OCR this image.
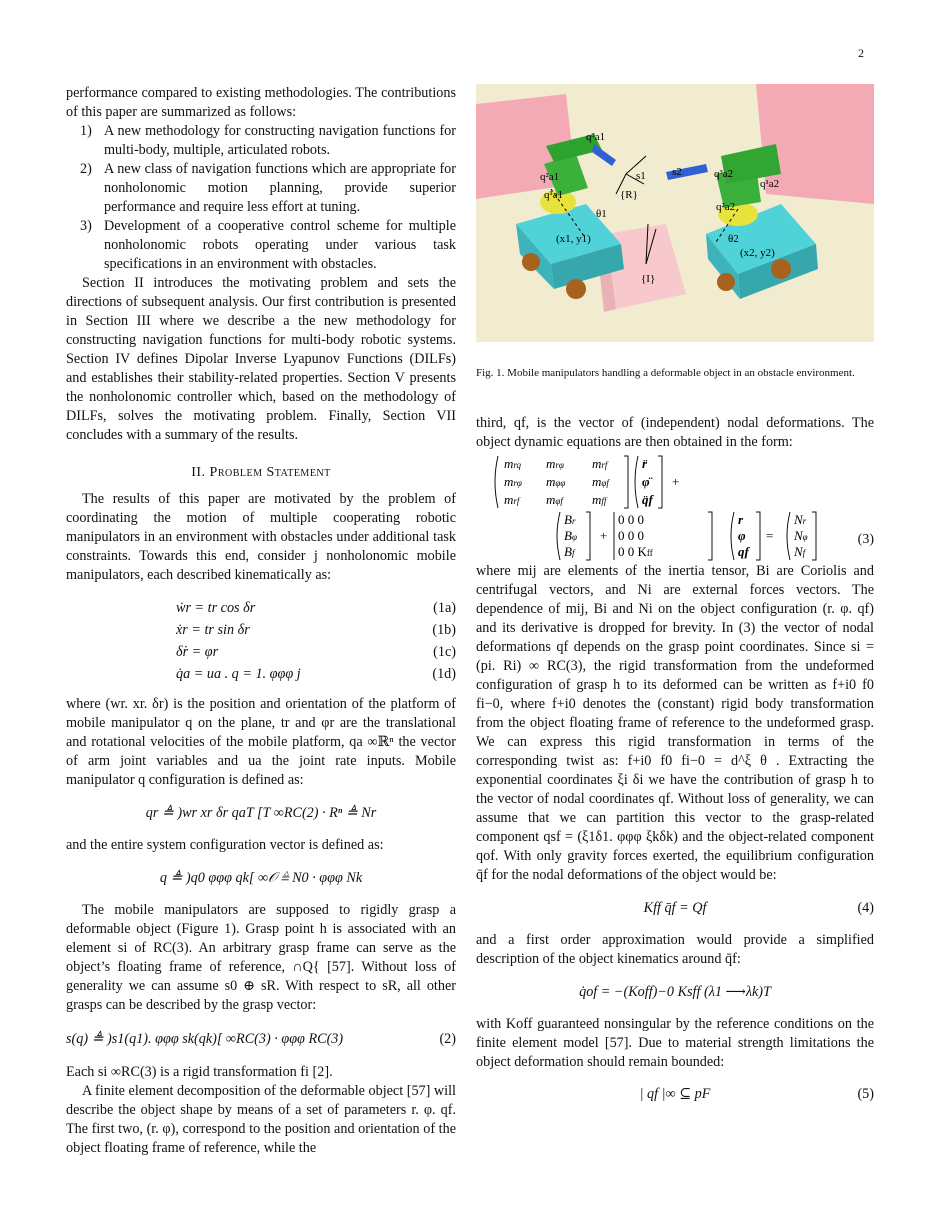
2

performance compared to existing methodologies. The contributions of this paper are summarized as follows:

1) A new methodology for constructing navigation functions for multi-body, multiple, articulated robots.
2) A new class of navigation functions which are appropriate for nonholonomic motion planning, provide superior performance and require less effort at tuning.
3) Development of a cooperative control scheme for multiple nonholonomic robots operating under various task specifications in an environment with obstacles.

Section II introduces the motivating problem and sets the directions of subsequent analysis. Our first contribution is presented in Section III where we describe a the new methodology for constructing navigation functions for multi-body robotic systems. Section IV defines Dipolar Inverse Lyapunov Functions (DILFs) and establishes their stability-related properties. Section V presents the nonholonomic controller which, based on the methodology of DILFs, solves the motivating problem. Finally, Section VII concludes with a summary of the results.

II. Problem Statement

The results of this paper are motivated by the problem of coordinating the motion of multiple cooperating robotic manipulators in an environment with obstacles under additional task constraints. Towards this end, consider j nonholonomic mobile manipulators, each described kinematically as:

ẇr = tr cos δr	(1a)
ẋr = tr sin δr	(1b)
δ̇r = φr	(1c)
q̇a = ua . q = 1. φφφ j	(1d)

where (wr. xr. δr) is the position and orientation of the platform of mobile manipulator q on the plane, tr and φr are the translational and rotational velocities of the mobile platform, qa ∞ℝⁿ the vector of arm joint variables and ua the joint rate inputs. Mobile manipulator q configuration is defined as:

qr ≜ )wr xr δr qaT [T ∞RC(2) · Rⁿ ≜ Nr

and the entire system configuration vector is defined as:

q ≜ )q0 φφφ qk[ ∞𝒪 ≜ N0 · φφφ Nk

The mobile manipulators are supposed to rigidly grasp a deformable object (Figure 1). Grasp point h is associated with an element si of RC(3). An arbitrary grasp frame can serve as the object’s floating frame of reference, ∩Q{ [57]. Without loss of generality we can assume s0 ⊕ sR. With respect to sR, all other grasps can be described by the grasp vector:

s(q) ≜ )s1(q1). φφφ sk(qk)[ ∞RC(3) · φφφ RC(3)	(2)

Each si ∞RC(3) is a rigid transformation fi [2].

A finite element decomposition of the deformable object [57] will describe the object shape by means of a set of parameters r. φ. qf. The first two, (r. φ), correspond to the position and orientation of the object floating frame of reference, while the

q³a1
q²a1
q¹a1
s1 s2	q³a2
q¹a2
q²a2
{R}
θ1
θ2
(x1, y1)
(x2, y2)
{I}

Fig. 1. Mobile manipulators handling a deformable object in an obstacle environment.

third, qf, is the vector of (independent) nodal deformations. The object dynamic equations are then obtained in the form:

mrq mrφ mrf
mrφ mφφ mφf
mrf mφf mff
r̈
φ̈
q̈f
+
Br
Bφ
Bf
+
0 0 0
0 0 0
0 0 Kff
r
φ
qf
=
Nr
Nφ
Nf
(3)

where mij are elements of the inertia tensor, Bi are Coriolis and centrifugal vectors, and Ni are external forces vectors. The dependence of mij, Bi and Ni on the object configuration (r. φ. qf) and its derivative is dropped for brevity. In (3) the vector of nodal deformations qf depends on the grasp point coordinates. Since si = (pi. Ri) ∞ RC(3), the rigid transformation from the undeformed configuration of grasp h to its deformed can be written as f+i0 f0 fi−0, where f+i0 denotes the (constant) rigid body transformation from the object floating frame of reference to the undeformed grasp. We can express this rigid transformation in terms of the corresponding twist as: f+i0 f0 fi−0 = d^ξ θ . Extracting the exponential coordinates ξi δi we have the contribution of grasp h to the vector of nodal coordinates qf. Without loss of generality, we can assume that we can partition this vector to the grasp-related component qsf = (ξ1δ1. φφφ ξkδk) and the object-related component qof. With only gravity forces exerted, the equilibrium configuration q̄f for the nodal deformations of the object would be:

Kff q̄f = Qf	(4)

and a first order approximation would provide a simplified description of the object kinematics around q̄f:

q̇of = −(Koff)−0 Ksff (λ1 ⟶λk)T

with Koff guaranteed nonsingular by the reference conditions on the finite element model [57]. Due to material strength limitations the object deformation should remain bounded:

| qf |∞ ⊆ pF	(5)
